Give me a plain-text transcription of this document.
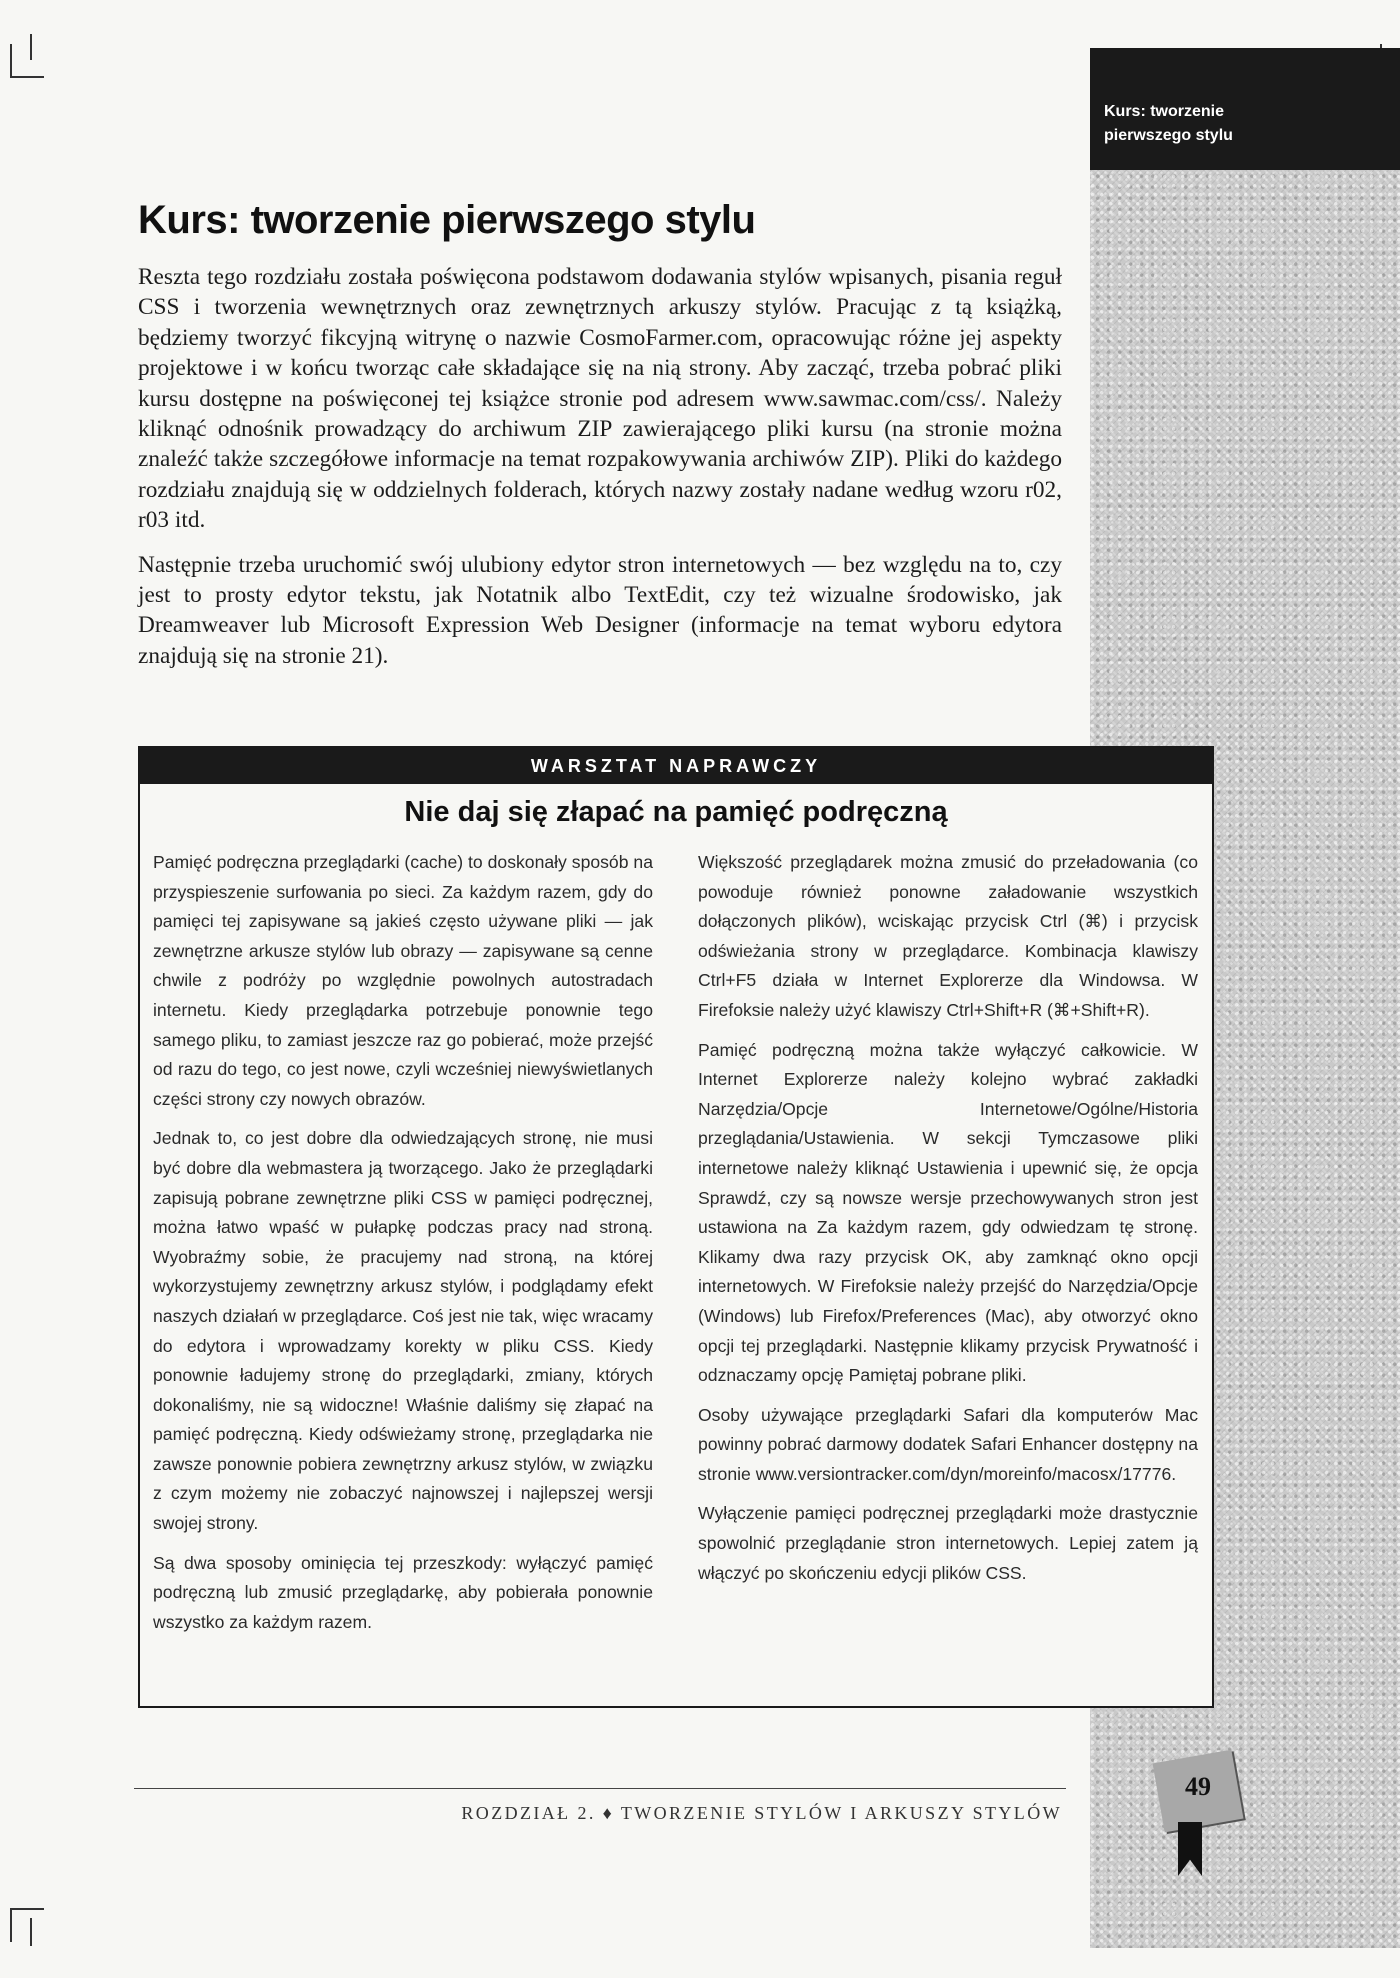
Kurs: tworzenie pierwszego stylu
Kurs: tworzenie pierwszego stylu

Reszta tego rozdziału została poświęcona podstawom dodawania stylów wpisanych, pisania reguł CSS i tworzenia wewnętrznych oraz zewnętrznych arkuszy stylów. Pracując z tą książką, będziemy tworzyć fikcyjną witrynę o nazwie CosmoFarmer.com, opracowując różne jej aspekty projektowe i w końcu tworząc całe składające się na nią strony. Aby zacząć, trzeba pobrać pliki kursu dostępne na poświęconej tej książce stronie pod adresem www.sawmac.com/css/. Należy kliknąć odnośnik prowadzący do archiwum ZIP zawierającego pliki kursu (na stronie można znaleźć także szczegółowe informacje na temat rozpakowywania archiwów ZIP). Pliki do każdego rozdziału znajdują się w oddzielnych folderach, których nazwy zostały nadane według wzoru r02, r03 itd.

Następnie trzeba uruchomić swój ulubiony edytor stron internetowych — bez względu na to, czy jest to prosty edytor tekstu, jak Notatnik albo TextEdit, czy też wizualne środowisko, jak Dreamweaver lub Microsoft Expression Web Designer (informacje na temat wyboru edytora znajdują się na stronie 21).

WARSZTAT NAPRAWCZY
Nie daj się złapać na pamięć podręczną

Pamięć podręczna przeglądarki (cache) to doskonały sposób na przyspieszenie surfowania po sieci. Za każdym razem, gdy do pamięci tej zapisywane są jakieś często używane pliki — jak zewnętrzne arkusze stylów lub obrazy — zapisywane są cenne chwile z podróży po względnie powolnych autostradach internetu. Kiedy przeglądarka potrzebuje ponownie tego samego pliku, to zamiast jeszcze raz go pobierać, może przejść od razu do tego, co jest nowe, czyli wcześniej niewyświetlanych części strony czy nowych obrazów.

Jednak to, co jest dobre dla odwiedzających stronę, nie musi być dobre dla webmastera ją tworzącego. Jako że przeglądarki zapisują pobrane zewnętrzne pliki CSS w pamięci podręcznej, można łatwo wpaść w pułapkę podczas pracy nad stroną. Wyobraźmy sobie, że pracujemy nad stroną, na której wykorzystujemy zewnętrzny arkusz stylów, i podglądamy efekt naszych działań w przeglądarce. Coś jest nie tak, więc wracamy do edytora i wprowadzamy korekty w pliku CSS. Kiedy ponownie ładujemy stronę do przeglądarki, zmiany, których dokonaliśmy, nie są widoczne! Właśnie daliśmy się złapać na pamięć podręczną. Kiedy odświeżamy stronę, przeglądarka nie zawsze ponownie pobiera zewnętrzny arkusz stylów, w związku z czym możemy nie zobaczyć najnowszej i najlepszej wersji swojej strony.

Są dwa sposoby ominięcia tej przeszkody: wyłączyć pamięć podręczną lub zmusić przeglądarkę, aby pobierała ponownie wszystko za każdym razem.

Większość przeglądarek można zmusić do przeładowania (co powoduje również ponowne załadowanie wszystkich dołączonych plików), wciskając przycisk Ctrl (⌘) i przycisk odświeżania strony w przeglądarce. Kombinacja klawiszy Ctrl+F5 działa w Internet Explorerze dla Windowsa. W Firefoksie należy użyć klawiszy Ctrl+Shift+R (⌘+Shift+R).

Pamięć podręczną można także wyłączyć całkowicie. W Internet Explorerze należy kolejno wybrać zakładki Narzędzia/Opcje Internetowe/Ogólne/Historia przeglądania/Ustawienia. W sekcji Tymczasowe pliki internetowe należy kliknąć Ustawienia i upewnić się, że opcja Sprawdź, czy są nowsze wersje przechowywanych stron jest ustawiona na Za każdym razem, gdy odwiedzam tę stronę. Klikamy dwa razy przycisk OK, aby zamknąć okno opcji internetowych. W Firefoksie należy przejść do Narzędzia/Opcje (Windows) lub Firefox/Preferences (Mac), aby otworzyć okno opcji tej przeglądarki. Następnie klikamy przycisk Prywatność i odznaczamy opcję Pamiętaj pobrane pliki.

Osoby używające przeglądarki Safari dla komputerów Mac powinny pobrać darmowy dodatek Safari Enhancer dostępny na stronie www.versiontracker.com/dyn/moreinfo/macosx/17776.

Wyłączenie pamięci podręcznej przeglądarki może drastycznie spowolnić przeglądanie stron internetowych. Lepiej zatem ją włączyć po skończeniu edycji plików CSS.

ROZDZIAŁ 2. ♦ TWORZENIE STYLÓW I ARKUSZY STYLÓW
49
